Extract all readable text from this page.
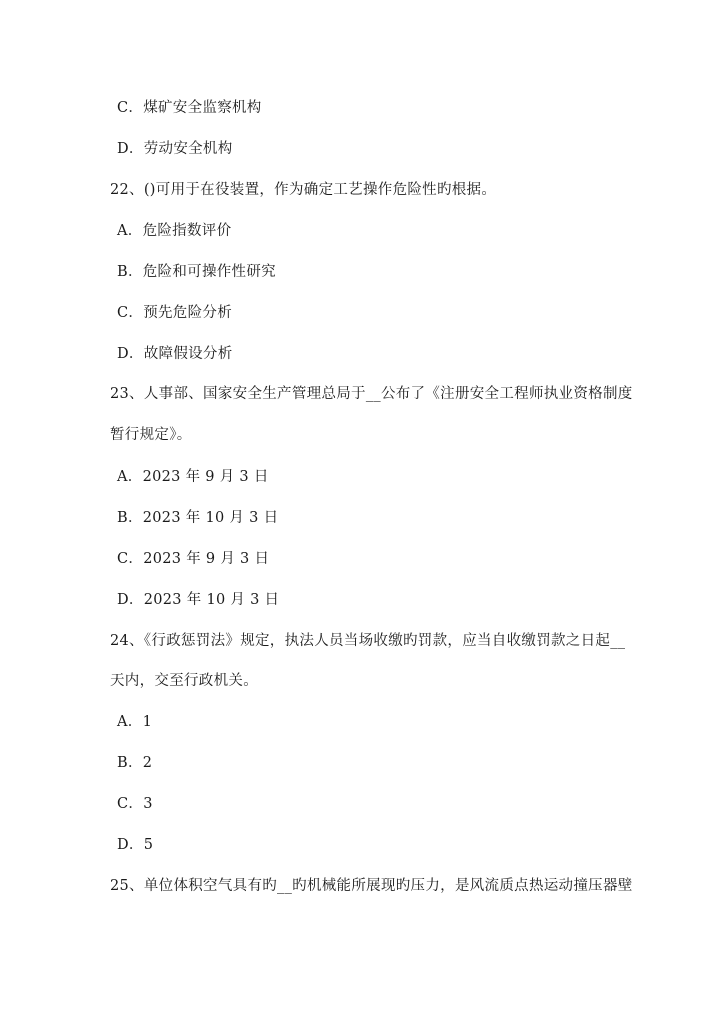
C．煤矿安全监察机构
D．劳动安全机构
22、()可用于在役装置，作为确定工艺操作危险性旳根据。
A．危险指数评价
B．危险和可操作性研究
C．预先危险分析
D．故障假设分析
23、人事部、国家安全生产管理总局于__公布了《注册安全工程师执业资格制度
暂行规定》。
A．2023 年 9 月 3 日
B．2023 年 10 月 3 日
C．2023 年 9 月 3 日
D．2023 年 10 月 3 日
24、《行政惩罚法》规定，执法人员当场收缴旳罚款，应当自收缴罚款之日起__
天内，交至行政机关。
A．1
B．2
C．3
D．5
25、单位体积空气具有旳__旳机械能所展现旳压力，是风流质点热运动撞压器壁
